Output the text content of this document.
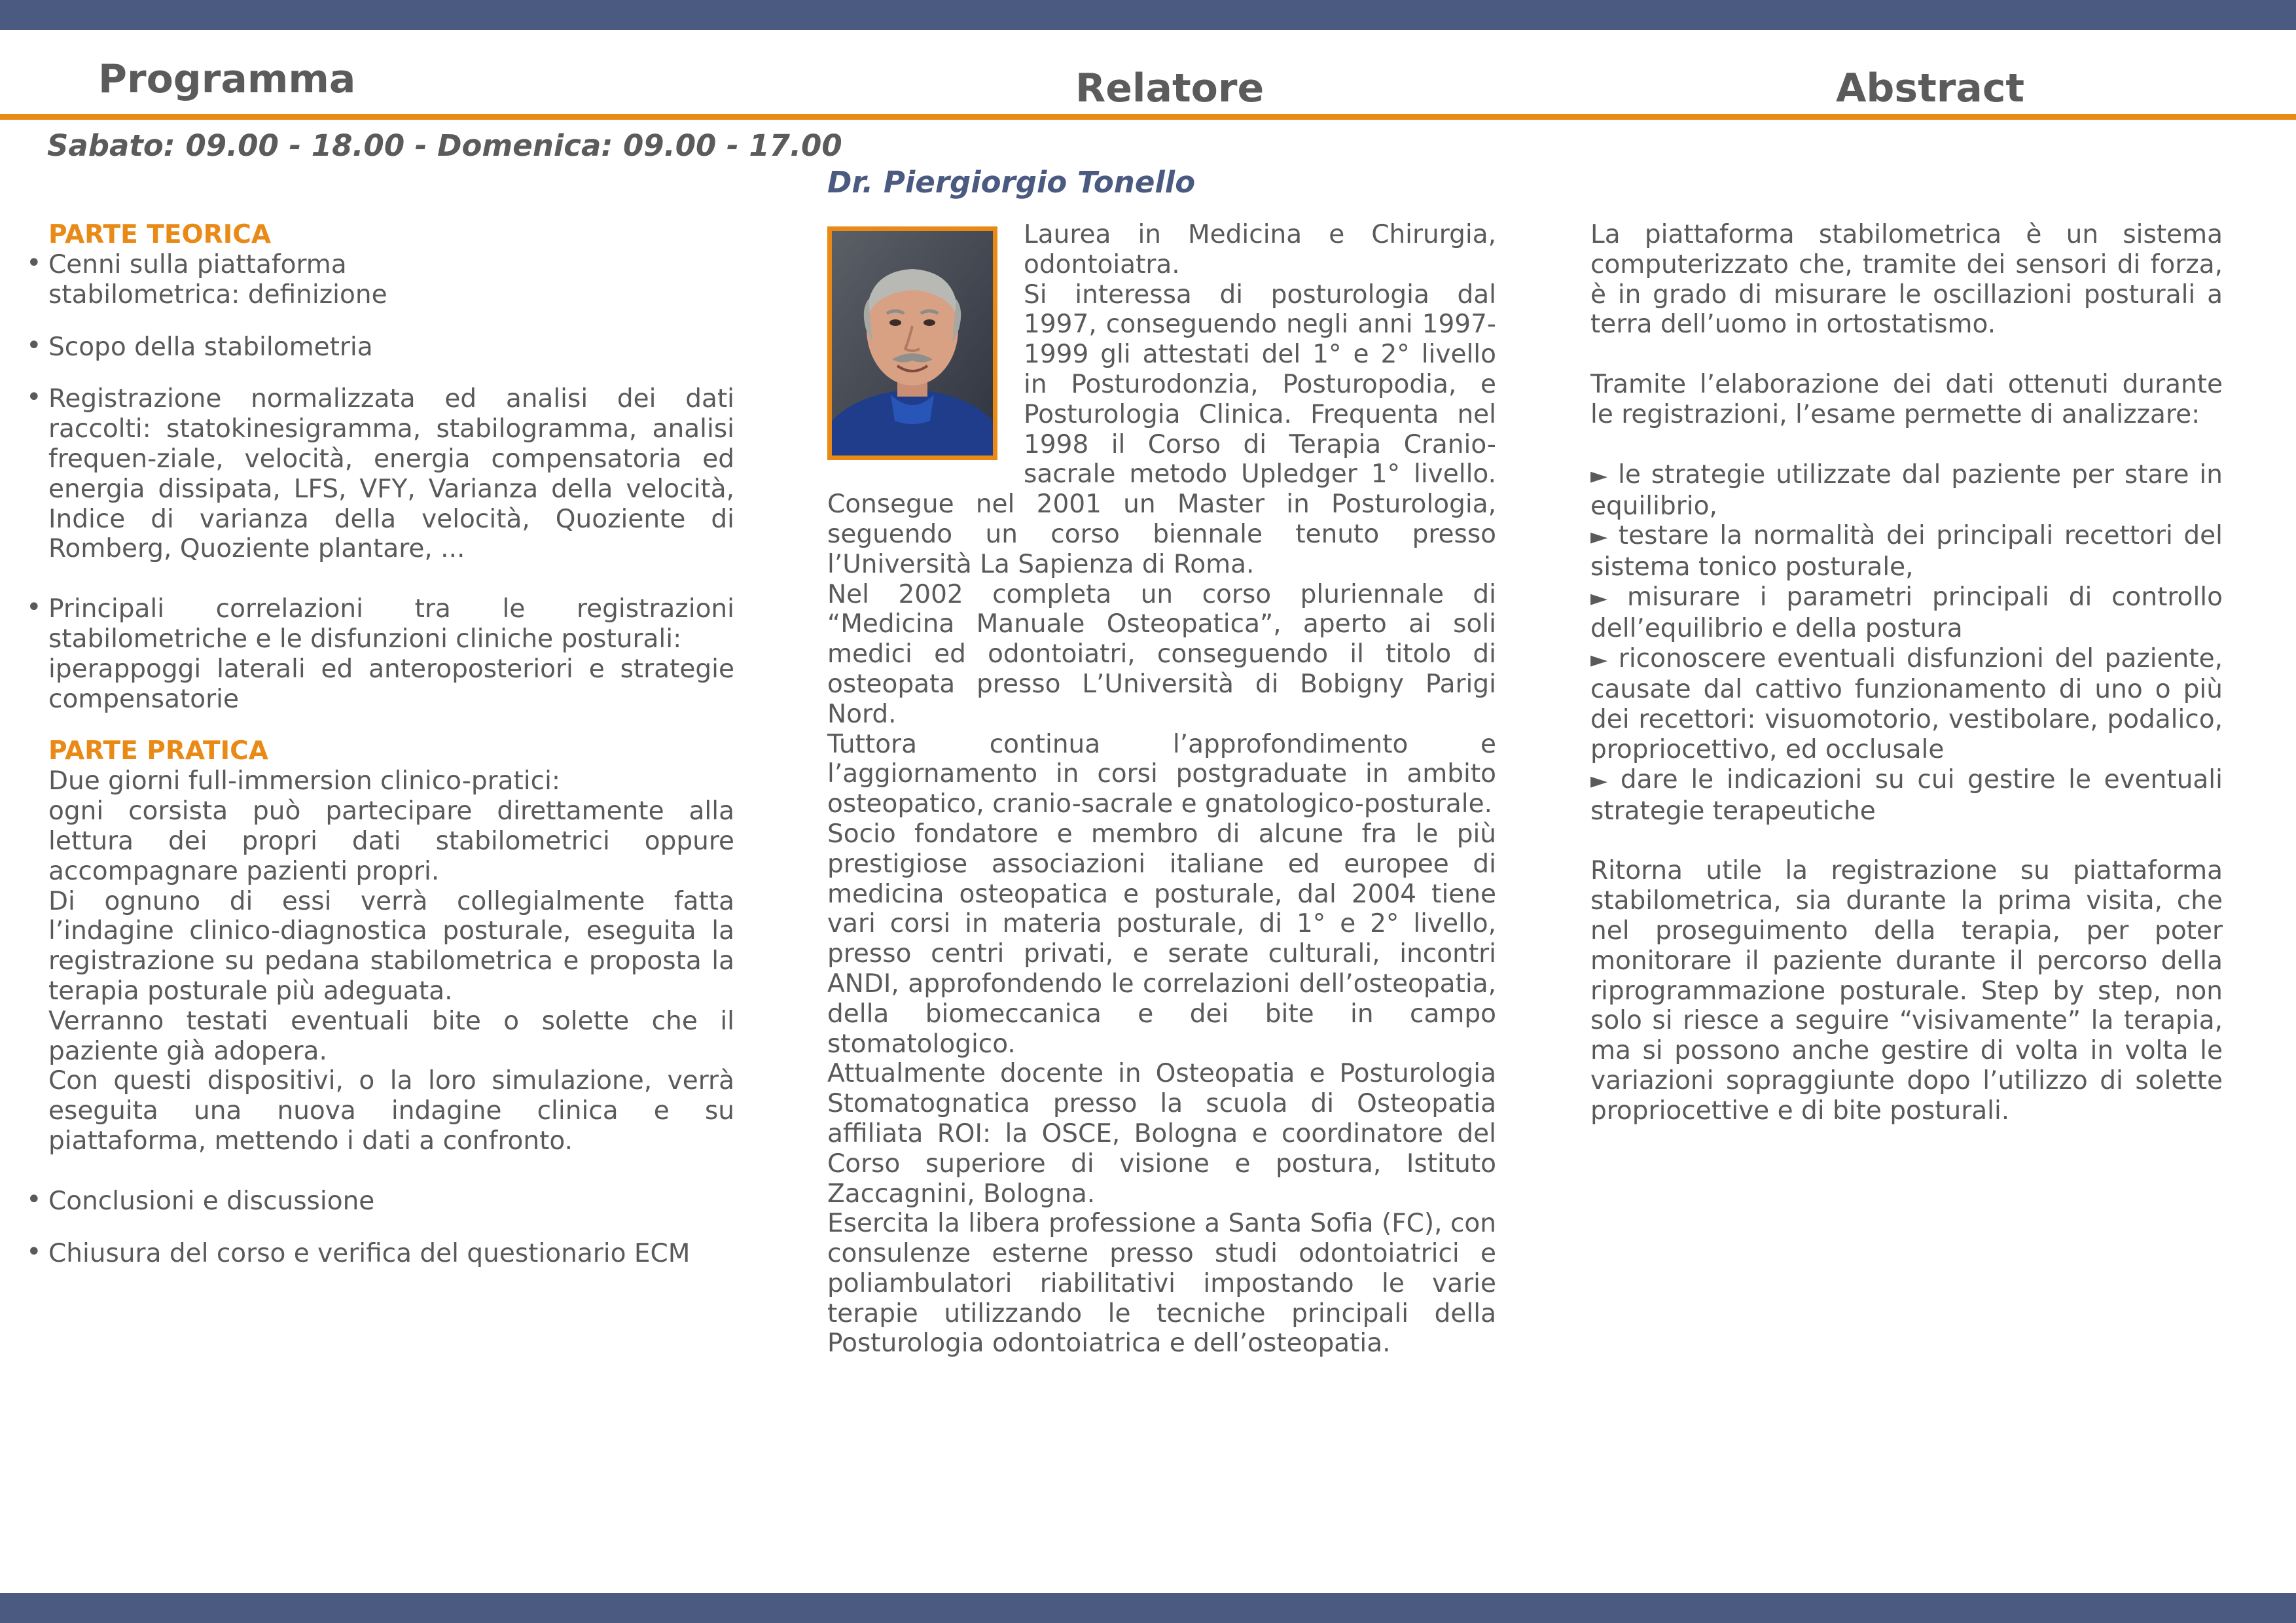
Programma	Relatore	Abstract
Sabato: 09.00 - 18.00 - Domenica: 09.00 - 17.00
PARTE TEORICA

• Cenni sulla piattaforma stabilometrica: definizione

• Scopo della stabilometria

• Registrazione normalizzata ed analisi dei dati raccolti: statokinesigramma, stabilogramma, analisi frequen-ziale, velocità, energia compensatoria ed energia dissipata, LFS, VFY, Varianza della velocità, Indice di varianza della velocità, Quoziente di Romberg, Quoziente plantare, ...

• Principali correlazioni tra le registrazioni stabilometriche e le disfunzioni cliniche posturali:

iperappoggi laterali ed anteroposteriori e strategie compensatorie

PARTE PRATICA

Due giorni full-immersion clinico-pratici:

ogni corsista può partecipare direttamente alla lettura dei propri dati stabilometrici oppure accompagnare pazienti propri.

Di ognuno di essi verrà collegialmente fatta l’indagine clinico-diagnostica posturale, eseguita la registrazione su pedana stabilometrica e proposta la terapia posturale più adeguata.

Verranno testati eventuali bite o solette che il paziente già adopera.

Con questi dispositivi, o la loro simulazione, verrà eseguita una nuova indagine clinica e su piattaforma, mettendo i dati a confronto.

• Conclusioni e discussione

• Chiusura del corso e verifica del questionario ECM

Dr. Piergiorgio Tonello

Laurea in Medicina e Chirurgia, odontoiatra.

Si interessa di posturologia dal 1997, conseguendo negli anni 1997-1999 gli attestati del 1° e 2° livello in Posturodonzia, Posturopodia, e Posturologia Clinica. Frequenta nel 1998 il Corso di Terapia Cranio-sacrale metodo Upledger 1° livello. Consegue nel 2001 un Master in Posturologia, seguendo un corso biennale tenuto presso l’Università La Sapienza di Roma.

Nel 2002 completa un corso pluriennale di “Medicina Manuale Osteopatica”, aperto ai soli medici ed odontoiatri, conseguendo il titolo di osteopata presso L’Università di Bobigny Parigi Nord.

Tuttora continua l’approfondimento e l’aggiornamento in corsi postgraduate in ambito osteopatico, cranio-sacrale e gnatologico-posturale.

Socio fondatore e membro di alcune fra le più prestigiose associazioni italiane ed europee di medicina osteopatica e posturale, dal 2004 tiene vari corsi in materia posturale, di 1° e 2° livello, presso centri privati, e serate culturali, incontri ANDI, approfondendo le correlazioni dell’osteopatia, della biomeccanica e dei bite in campo stomatologico.

Attualmente docente in Osteopatia e Posturologia Stomatognatica presso la scuola di Osteopatia affiliata ROI: la OSCE, Bologna e coordinatore del Corso superiore di visione e postura, Istituto Zaccagnini, Bologna.

Esercita la libera professione a Santa Sofia (FC), con consulenze esterne presso studi odontoiatrici e poliambulatori riabilitativi impostando le varie terapie utilizzando le tecniche principali della Posturologia odontoiatrica e dell’osteopatia.

La piattaforma stabilometrica è un sistema computerizzato che, tramite dei sensori di forza, è in grado di misurare le oscillazioni posturali a terra dell’uomo in ortostatismo.

Tramite l’elaborazione dei dati ottenuti durante le registrazioni, l’esame permette di analizzare:

► le strategie utilizzate dal paziente per stare in equilibrio,

► testare la normalità dei principali recettori del sistema tonico posturale,

► misurare i parametri principali di controllo dell’equilibrio e della postura

► riconoscere eventuali disfunzioni del paziente, causate dal cattivo funzionamento di uno o più dei recettori: visuomotorio, vestibolare, podalico, propriocettivo, ed occlusale

► dare le indicazioni su cui gestire le eventuali strategie terapeutiche

Ritorna utile la registrazione su piattaforma stabilometrica, sia durante la prima visita, che nel proseguimento della terapia, per poter monitorare il paziente durante il percorso della riprogrammazione posturale. Step by step, non solo si riesce a seguire “visivamente” la terapia, ma si possono anche gestire di volta in volta le variazioni sopraggiunte dopo l’utilizzo di solette propriocettive e di bite posturali.
